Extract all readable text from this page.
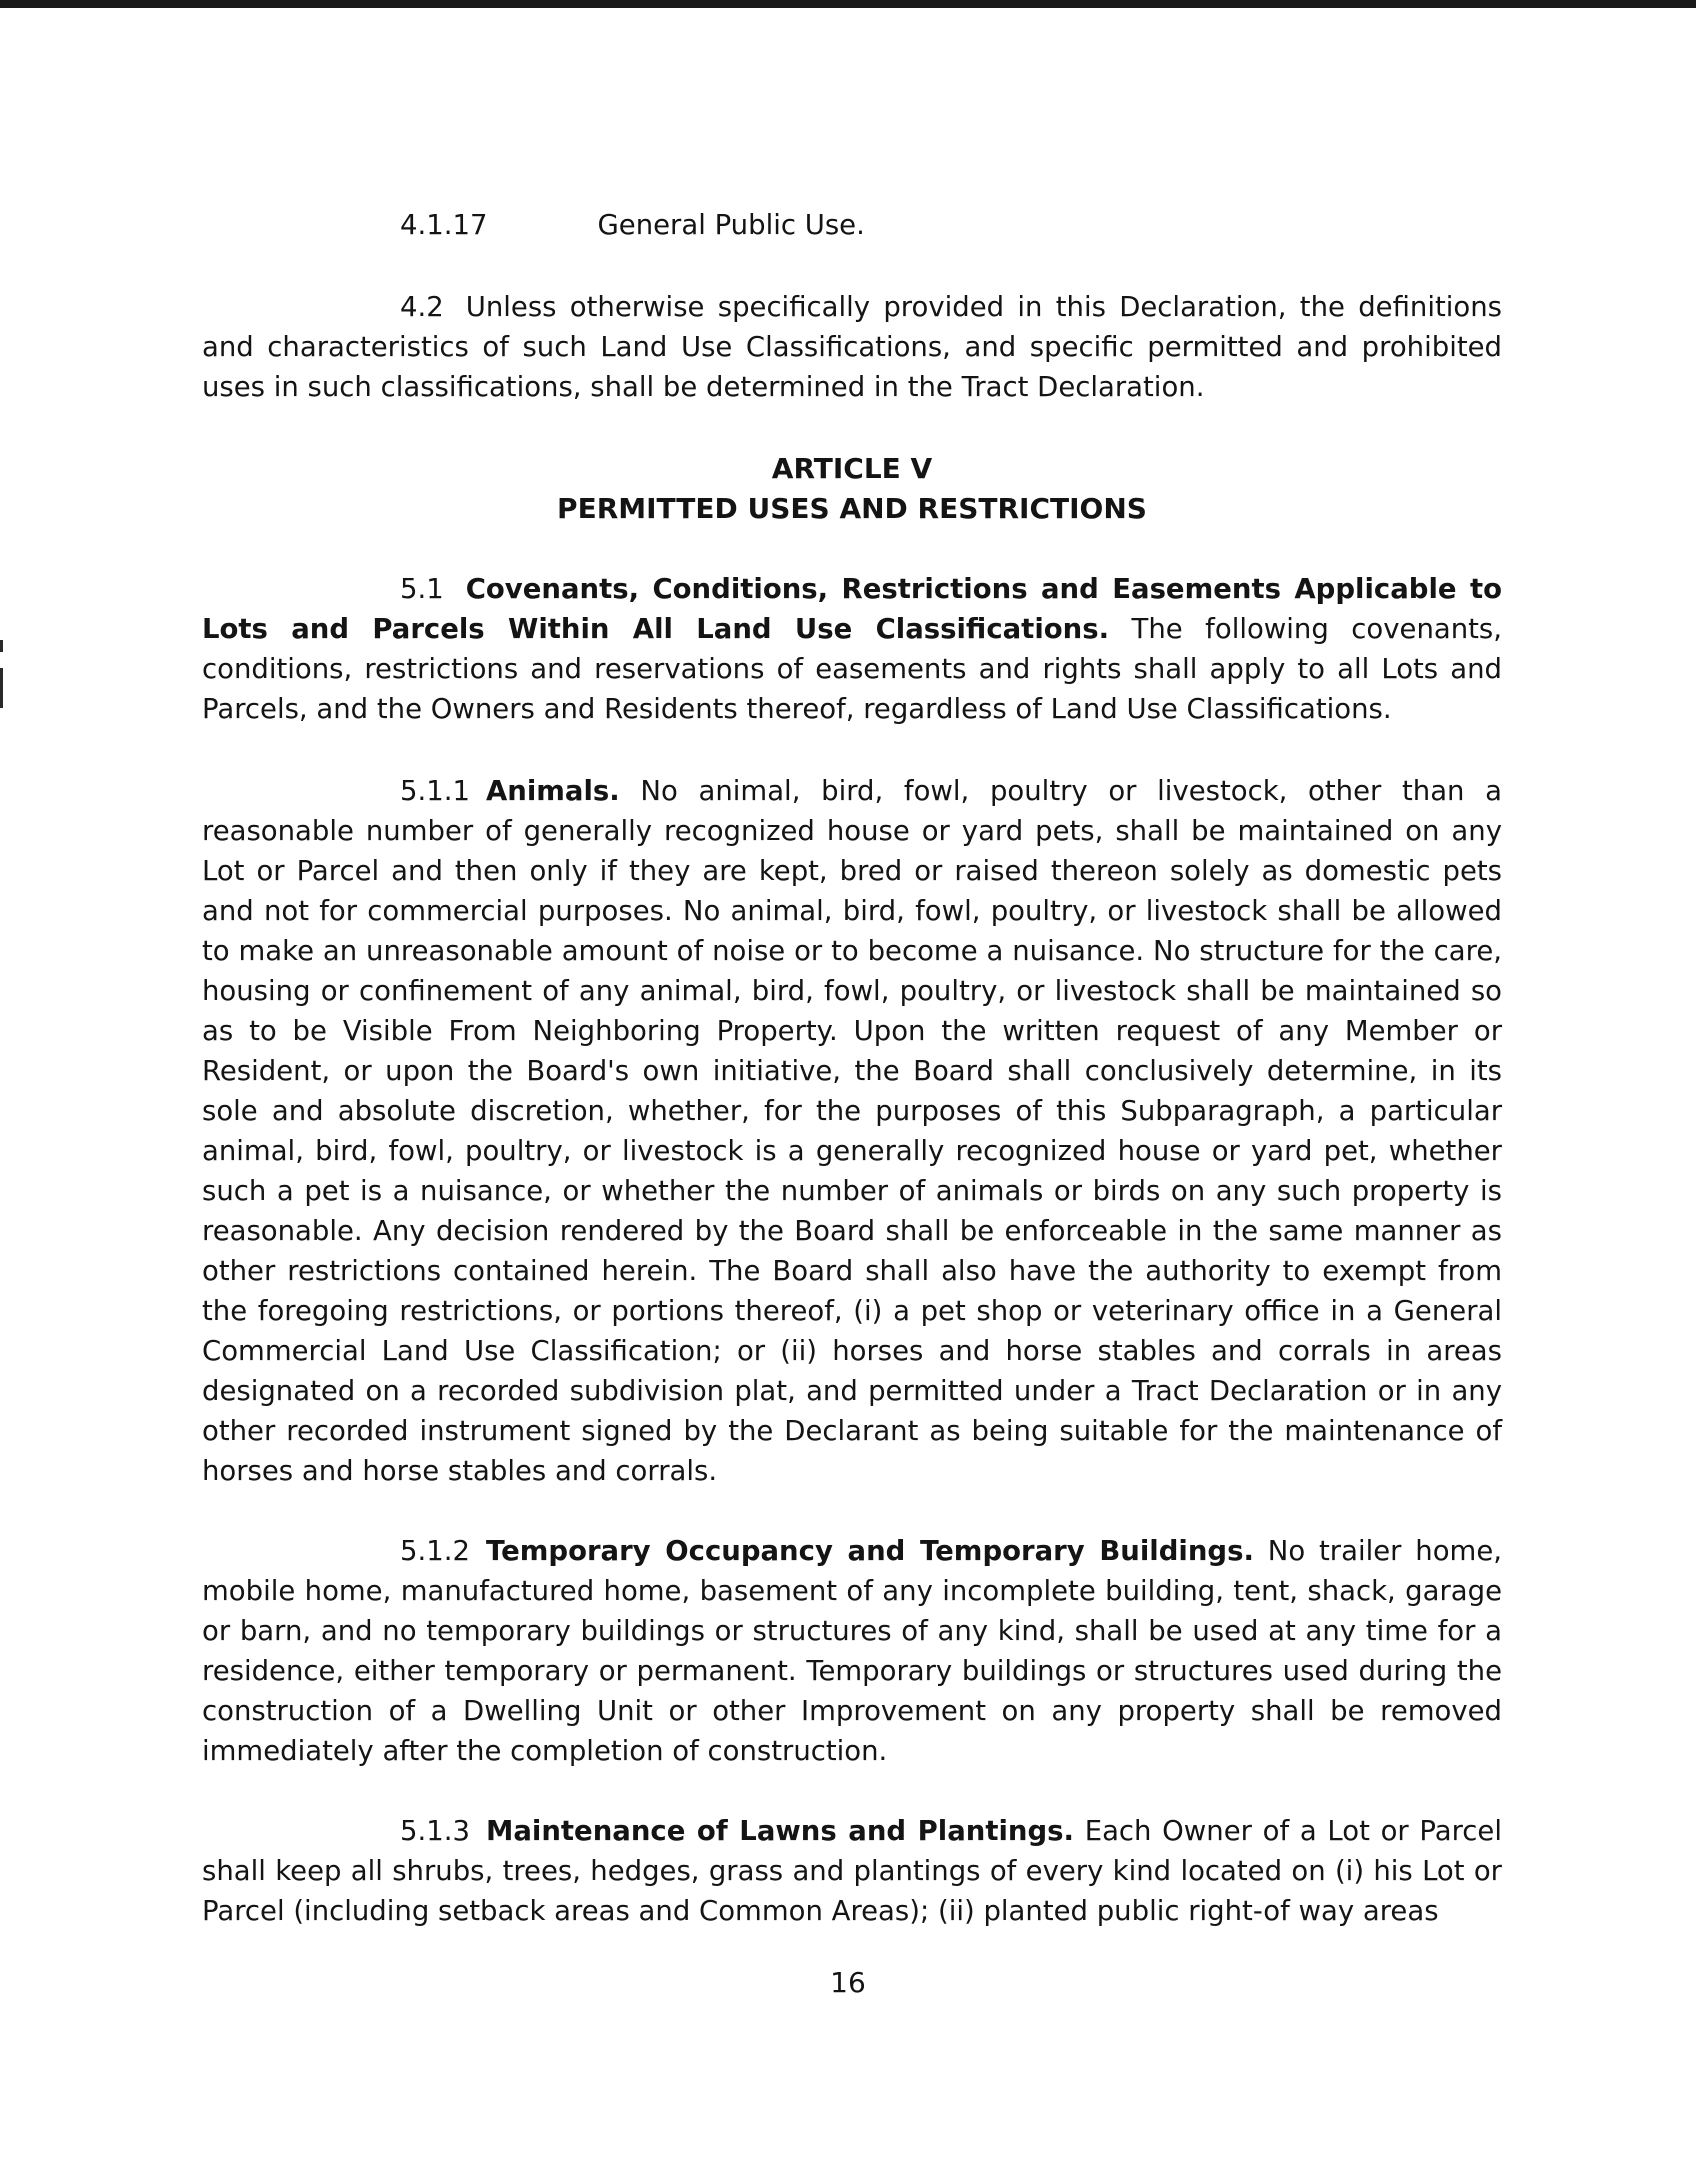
4.1.17	General Public Use.

4.2 Unless otherwise specifically provided in this Declaration, the definitions and characteristics of such Land Use Classifications, and specific permitted and prohibited uses in such classifications, shall be determined in the Tract Declaration.

ARTICLE V
PERMITTED USES AND RESTRICTIONS

5.1 Covenants, Conditions, Restrictions and Easements Applicable to Lots and Parcels Within All Land Use Classifications. The following covenants, conditions, restrictions and reservations of easements and rights shall apply to all Lots and Parcels, and the Owners and Residents thereof, regardless of Land Use Classifications.

5.1.1 Animals. No animal, bird, fowl, poultry or livestock, other than a reasonable number of generally recognized house or yard pets, shall be maintained on any Lot or Parcel and then only if they are kept, bred or raised thereon solely as domestic pets and not for commercial purposes. No animal, bird, fowl, poultry, or livestock shall be allowed to make an unreasonable amount of noise or to become a nuisance. No structure for the care, housing or confinement of any animal, bird, fowl, poultry, or livestock shall be maintained so as to be Visible From Neighboring Property. Upon the written request of any Member or Resident, or upon the Board's own initiative, the Board shall conclusively determine, in its sole and absolute discretion, whether, for the purposes of this Subparagraph, a particular animal, bird, fowl, poultry, or livestock is a generally recognized house or yard pet, whether such a pet is a nuisance, or whether the number of animals or birds on any such property is reasonable. Any decision rendered by the Board shall be enforceable in the same manner as other restrictions contained herein. The Board shall also have the authority to exempt from the foregoing restrictions, or portions thereof, (i) a pet shop or veterinary office in a General Commercial Land Use Classification; or (ii) horses and horse stables and corrals in areas designated on a recorded subdivision plat, and permitted under a Tract Declaration or in any other recorded instrument signed by the Declarant as being suitable for the maintenance of horses and horse stables and corrals.

5.1.2 Temporary Occupancy and Temporary Buildings. No trailer home, mobile home, manufactured home, basement of any incomplete building, tent, shack, garage or barn, and no temporary buildings or structures of any kind, shall be used at any time for a residence, either temporary or permanent. Temporary buildings or structures used during the construction of a Dwelling Unit or other Improvement on any property shall be removed immediately after the completion of construction.

5.1.3 Maintenance of Lawns and Plantings. Each Owner of a Lot or Parcel shall keep all shrubs, trees, hedges, grass and plantings of every kind located on (i) his Lot or Parcel (including setback areas and Common Areas); (ii) planted public right-of way areas

16
